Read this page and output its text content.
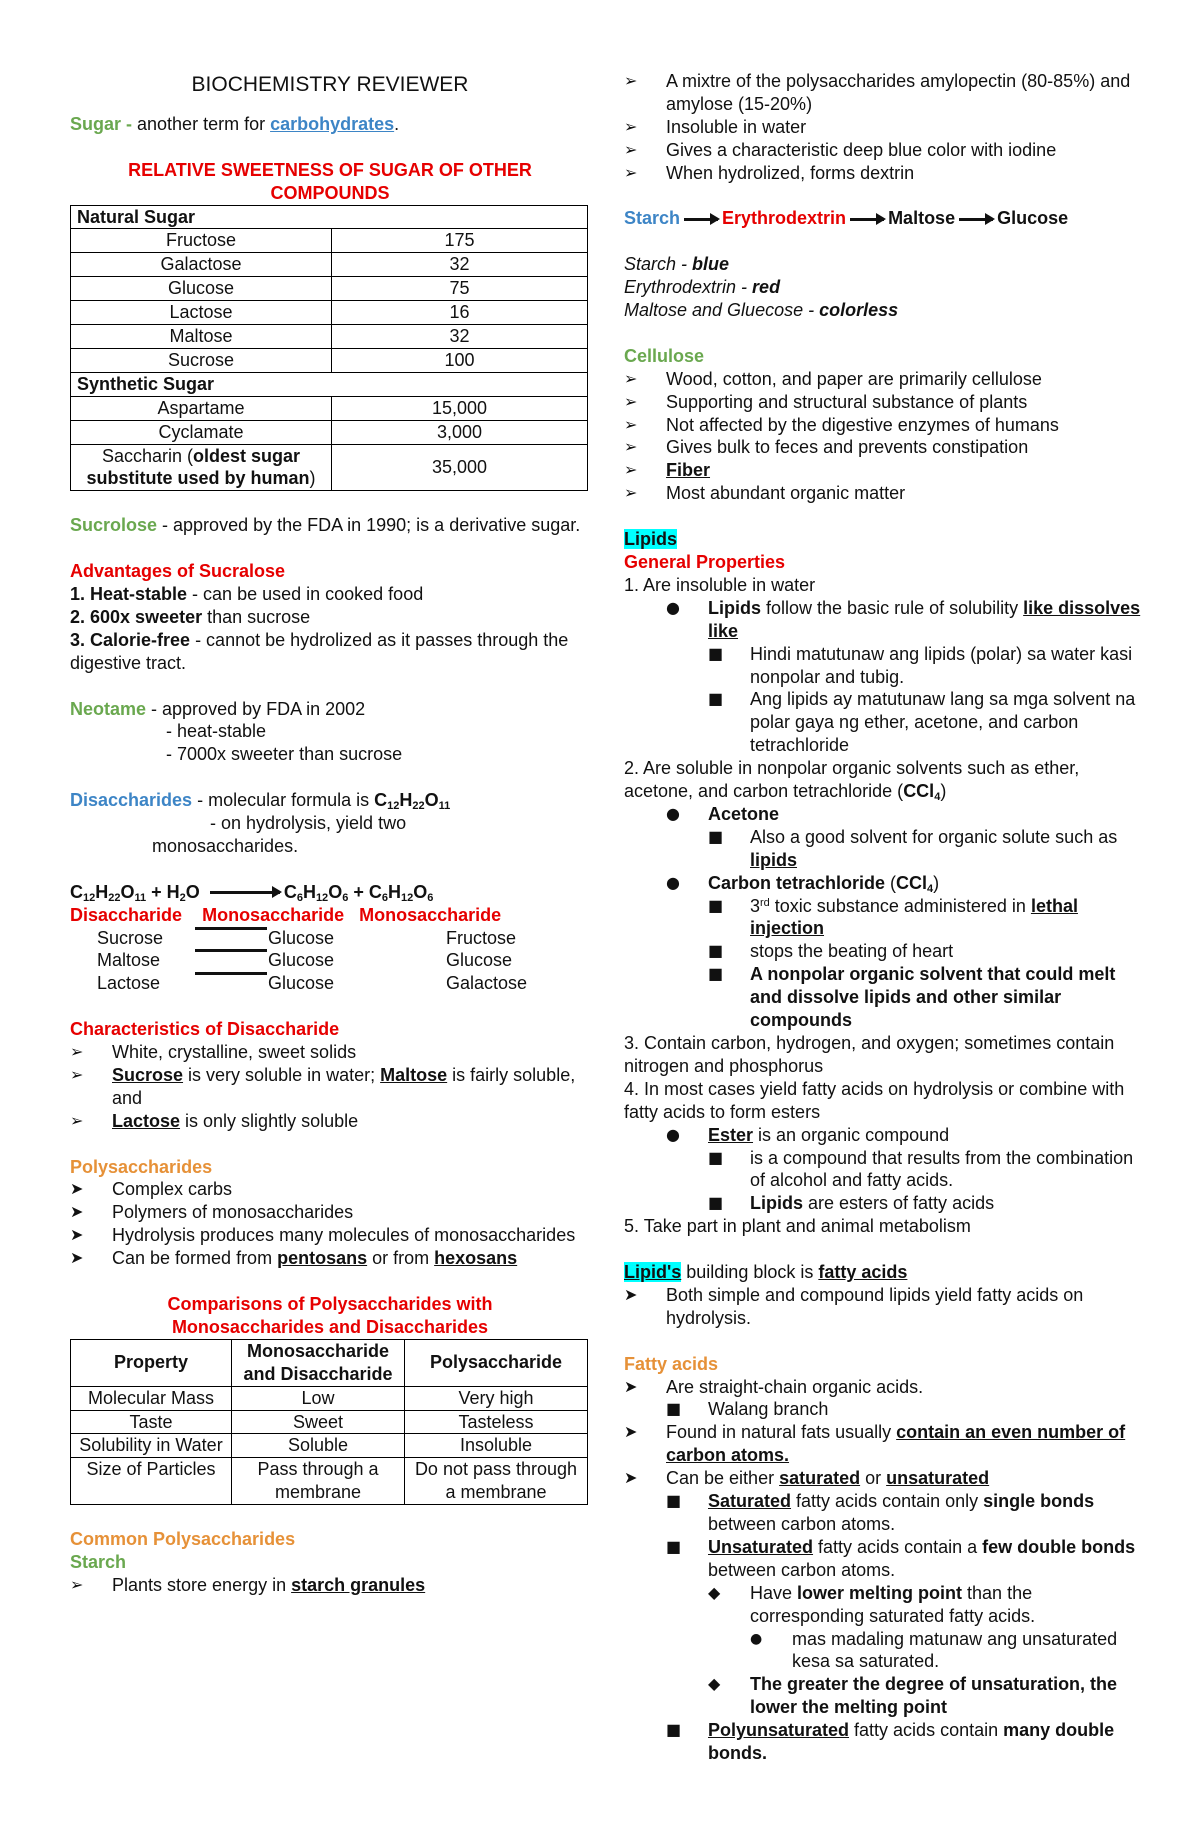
BIOCHEMISTRY REVIEWER
Sugar - another term for carbohydrates.
RELATIVE SWEETNESS OF SUGAR OF OTHER
COMPOUNDS
Natural Sugar	
Fructose	175
Galactose	32
Glucose	75
Lactose	16
Maltose	32
Sucrose	100
Synthetic Sugar	
Aspartame	15,000
Cyclamate	3,000
Saccharin (oldest sugar substitute used by human)	35,000
Sucrolose - approved by the FDA in 1990; is a derivative sugar.
Advantages of Sucralose
1. Heat-stable - can be used in cooked food
2. 600x sweeter than sucrose
3. Calorie-free - cannot be hydrolized as it passes through the digestive tract.
Neotame - approved by FDA in 2002
- heat-stable
- 7000x sweeter than sucrose
Disaccharides - molecular formula is $C_{12}H_{22}O_{11}$
- on hydrolysis, yield two
monosaccharides.
$C_{12}H_{22}O_{11} + H_2O$	$C_6H_{12}O_6 + C_6H_{12}O_6$
Disaccharide Monosaccharide Monosaccharide
Sucrose	Glucose	Fructose
Maltose	Glucose	Glucose
Lactose	Glucose	Galactose
Characteristics of Disaccharide
➢ White, crystalline, sweet solids
➢ Sucrose is very soluble in water; Maltose is fairly soluble, and
➢ Lactose is only slightly soluble
Polysaccharides
➤ Complex carbs
➤ Polymers of monosaccharides
➤ Hydrolysis produces many molecules of monosaccharides
➤ Can be formed from pentosans or from hexosans
Comparisons of Polysaccharides with
Monosaccharides and Disaccharides
Property	Monosaccharide and Disaccharide	Polysaccharide
Molecular Mass	Low	Very high
Taste	Sweet	Tasteless
Solubility in Water	Soluble	Insoluble
Size of Particles	Pass through a membrane	Do not pass through a membrane
Common Polysaccharides
Starch
➢ Plants store energy in starch granules
➢ A mixtre of the polysaccharides amylopectin (80-85%) and amylose (15-20%)
➢ Insoluble in water
➢ Gives a characteristic deep blue color with iodine
➢ When hydrolized, forms dextrin
Starch Erythrodextrin Maltose Glucose
Starch - blue
Erythrodextrin - red
Maltose and Gluecose - colorless
Cellulose
➢ Wood, cotton, and paper are primarily cellulose
➢ Supporting and structural substance of plants
➢ Not affected by the digestive enzymes of humans
➢ Gives bulk to feces and prevents constipation
➢ Fiber
➢ Most abundant organic matter
Lipids
General Properties
1. Are insoluble in water
● Lipids follow the basic rule of solubility like dissolves like
■ Hindi matutunaw ang lipids (polar) sa water kasi nonpolar and tubig.
■ Ang lipids ay matutunaw lang sa mga solvent na polar gaya ng ether, acetone, and carbon tetrachloride
2. Are soluble in nonpolar organic solvents such as ether, acetone, and carbon tetrachloride (CCl$_4$)
● Acetone
■ Also a good solvent for organic solute such as lipids
● Carbon tetrachloride (CCl$_4$)
■ 3rd toxic substance administered in lethal injection
■ stops the beating of heart
■ A nonpolar organic solvent that could melt and dissolve lipids and other similar compounds
3. Contain carbon, hydrogen, and oxygen; sometimes contain nitrogen and phosphorus
4. In most cases yield fatty acids on hydrolysis or combine with fatty acids to form esters
● Ester is an organic compound
■ is a compound that results from the combination of alcohol and fatty acids.
■ Lipids are esters of fatty acids
5. Take part in plant and animal metabolism
Lipid's building block is fatty acids
➤ Both simple and compound lipids yield fatty acids on hydrolysis.
Fatty acids
➤ Are straight-chain organic acids.
■ Walang branch
➤ Found in natural fats usually contain an even number of carbon atoms.
➤ Can be either saturated or unsaturated
■ Saturated fatty acids contain only single bonds between carbon atoms.
■ Unsaturated fatty acids contain a few double bonds between carbon atoms.
◆ Have lower melting point than the corresponding saturated fatty acids.
● mas madaling matunaw ang unsaturated kesa sa saturated.
◆ The greater the degree of unsaturation, the lower the melting point
■ Polyunsaturated fatty acids contain many double bonds.
